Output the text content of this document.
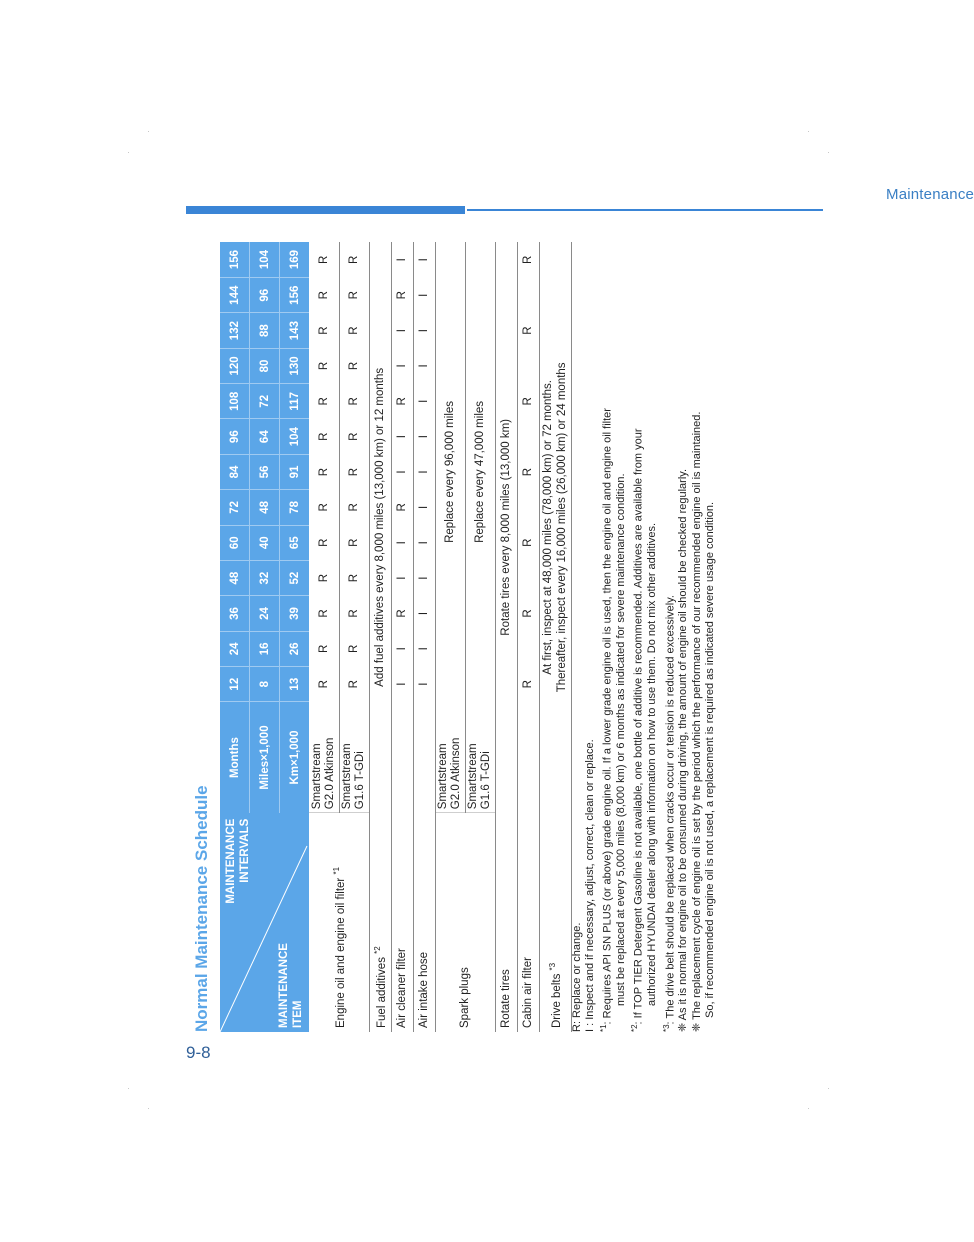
Maintenance
9-8
Normal Maintenance Schedule MAINTENANCE INTERVALS
MAINTENANCE ITEM	Months	12	24	36	48	60	72	84	96	108	120	132	144	156
	Miles×1,000	8	16	24	32	40	48	56	64	72	80	88	96	104
	Km×1,000	13	26	39	52	65	78	91	104	117	130	143	156	169
Engine oil and engine oil filter $^{*1}$	Smartstream G2.0 Atkinson	R	R	R	R	R	R	R	R	R	R	R	R	R

	Smartstream G1.6 T-GDi	R	R	R	R	R	R	R	R	R	R	R	R	R
Fuel additives $^{*2}$	Add fuel additives every 8,000 miles (13,000 km) or 12 months													
Air cleaner filter		I	I	R	I	I	R	I	I	R	I	I	R	I
Air intake hose		I	I	I	I	I	I	I	I	I	I	I	I	I
Spark plugs	Smartstream G2.0 Atkinson	Replace every 96,000 miles												

	Smartstream G1.6 T-GDi	Replace every 47,000 miles												
Rotate tires	Rotate tires every 8,000 miles (13,000 km)													
Cabin air filter		R		R		R		R		R		R		R
Drive belts $^{*3}$	At first, inspect at 48,000 miles (78,000 km) or 72 months. Thereafter, inspect every 16,000 miles (26,000 km) or 24 months													
R: Replace or change. I : Inspect and if necessary, adjust, correct, clean or replace. $^{*1}$: Requires API SN PLUS (or above) grade engine oil. If a lower grade engine oil is used, then the engine oil and engine oil filter must be replaced at every 5,000 miles (8,000 km) or 6 months as indicated for severe maintenance condition.
$^{*2}$: If TOP TIER Detergent Gasoline is not available, one bottle of additive is recommended. Additives are available from your authorized HYUNDAI dealer along with information on how to use them. Do not mix other additives.
$^{*3}$: The drive belt should be replaced when cracks occur or tension is reduced excessively.
❈ As it is normal for engine oil to be consumed during driving, the amount of engine oil should be checked regularly.
❈ The replacement cycle of engine oil is set by the period which the performance of our recommended engine oil is maintained. So, if recommended engine oil is not used, a replacement is required as indicated severe usage condition.
